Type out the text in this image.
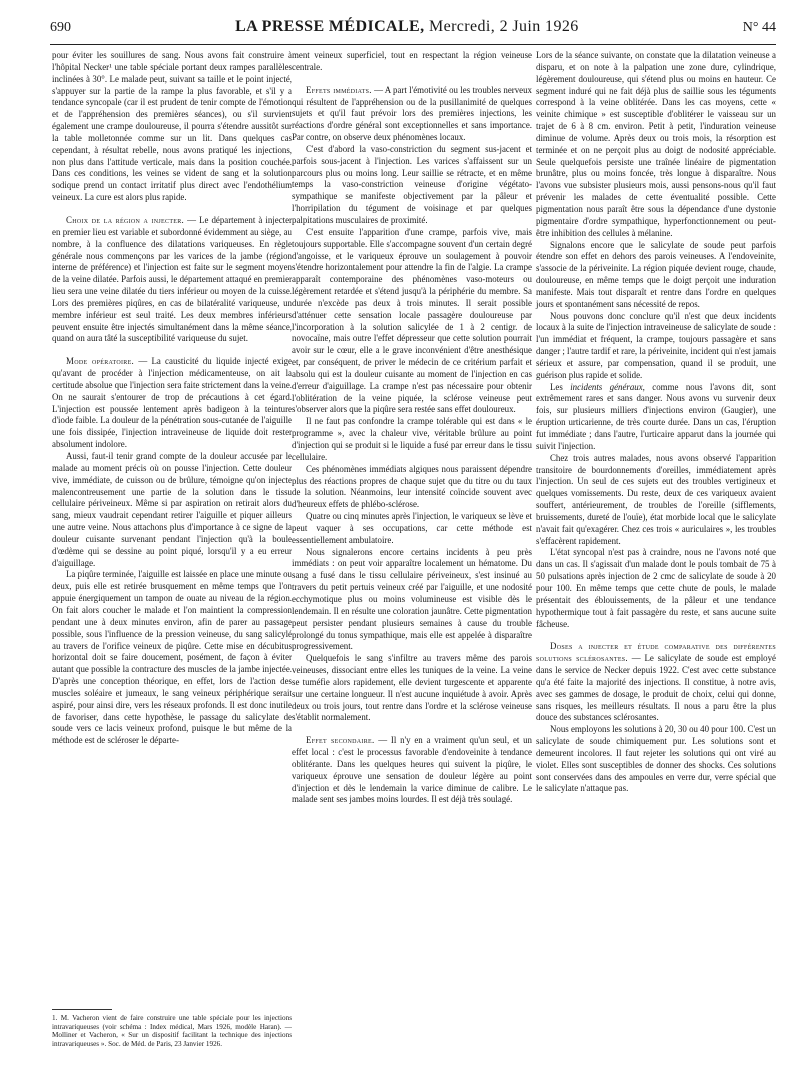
690	LA PRESSE MÉDICALE, Mercredi, 2 Juin 1926	N° 44

pour éviter les souillures de sang. Nous avons fait construire à l'hôpital Necker¹ une table spéciale portant deux rampes parallèles inclinées à 30°. Le malade peut, suivant sa taille et le point injecté, s'appuyer sur la partie de la rampe la plus favorable, et s'il y a tendance syncopale (car il est prudent de tenir compte de l'émotion et de l'appréhension des premières séances), ou s'il survient également une crampe douloureuse, il pourra s'étendre aussitôt sur la table molletonnée comme sur un lit. Dans quelques cas cependant, à résultat rebelle, nous avons pratiqué les injections, non plus dans l'attitude verticale, mais dans la position couchée. Dans ces conditions, les veines se vident de sang et la solution sodique prend un contact irritatif plus direct avec l'endothélium veineux. La cure est alors plus rapide.

Choix de la région a injecter. — Le département à injecter en premier lieu est variable et subordonné évidemment au siège, au nombre, à la confluence des dilatations variqueuses. En règle générale nous commençons par les varices de la jambe (région interne de préférence) et l'injection est faite sur le segment moyen de la veine dilatée. Parfois aussi, le département attaqué en premier lieu sera une veine dilatée du tiers inférieur ou moyen de la cuisse. Lors des premières piqûres, en cas de bilatéralité variqueuse, un membre inférieur est seul traité. Les deux membres inférieurs peuvent ensuite être injectés simultanément dans la même séance, quand on aura tâté la susceptibilité variqueuse du sujet.

Mode opératoire. — La causticité du liquide injecté exige qu'avant de procéder à l'injection médicamenteuse, on ait la certitude absolue que l'injection sera faite strictement dans la veine. On ne saurait s'entourer de trop de précautions à cet égard. L'injection est poussée lentement après badigeon à la teinture d'iode faible. La douleur de la pénétration sous-cutanée de l'aiguille une fois dissipée, l'injection intraveineuse de liquide doit rester absolument indolore.

Aussi, faut-il tenir grand compte de la douleur accusée par le malade au moment précis où on pousse l'injection. Cette douleur vive, immédiate, de cuisson ou de brûlure, témoigne qu'on injecte malencontreusement une partie de la solution dans le tissu cellulaire périveineux. Même si par aspiration on retirait alors du sang, mieux vaudrait cependant retirer l'aiguille et piquer ailleurs une autre veine. Nous attachons plus d'importance à ce signe de la douleur cuisante survenant pendant l'injection qu'à la boule d'œdème qui se dessine au point piqué, lorsqu'il y a eu erreur d'aiguillage.

La piqûre terminée, l'aiguille est laissée en place une minute ou deux, puis elle est retirée brusquement en même temps que l'on appuie énergiquement un tampon de ouate au niveau de la région. On fait alors coucher le malade et l'on maintient la compression pendant une à deux minutes environ, afin de parer au passage possible, sous l'influence de la pression veineuse, du sang salicylé au travers de l'orifice veineux de piqûre. Cette mise en décubitus horizontal doit se faire doucement, posément, de façon à éviter autant que possible la contracture des muscles de la jambe injectée. D'après une conception théorique, en effet, lors de l'action des muscles soléaire et jumeaux, le sang veineux périphérique serait aspiré, pour ainsi dire, vers les réseaux profonds. Il est donc inutile de favoriser, dans cette hypothèse, le passage du salicylate de soude vers ce lacis veineux profond, puisque le but même de la méthode est de scléroser le départe-

ment veineux superficiel, tout en respectant la région veineuse centrale.

Effets immédiats. — A part l'émotivité ou les troubles nerveux qui résultent de l'appréhension ou de la pusillanimité de quelques sujets et qu'il faut prévoir lors des premières injections, les réactions d'ordre général sont exceptionnelles et sans importance. Par contre, on observe deux phénomènes locaux.

C'est d'abord la vaso-constriction du segment sus-jacent et parfois sous-jacent à l'injection. Les varices s'affaissent sur un parcours plus ou moins long. Leur saillie se rétracte, et en même temps la vaso-constriction veineuse d'origine végétato-sympathique se manifeste objectivement par la pâleur et l'horripilation du tégument de voisinage et par quelques palpitations musculaires de proximité.

C'est ensuite l'apparition d'une crampe, parfois vive, mais toujours supportable. Elle s'accompagne souvent d'un certain degré d'angoisse, et le variqueux éprouve un soulagement à pouvoir s'étendre horizontalement pour attendre la fin de l'algie. La crampe apparaît contemporaine des phénomènes vaso-moteurs ou légèrement retardée et s'étend jusqu'à la périphérie du membre. Sa durée n'excède pas deux à trois minutes. Il serait possible d'atténuer cette sensation locale passagère douloureuse par l'incorporation à la solution salicylée de 1 à 2 centigr. de novocaïne, mais outre l'effet dépresseur que cette solution pourrait avoir sur le cœur, elle a le grave inconvénient d'être anesthésique et, par conséquent, de priver le médecin de ce critérium parfait et absolu qui est la douleur cuisante au moment de l'injection en cas d'erreur d'aiguillage. La crampe n'est pas nécessaire pour obtenir l'oblitération de la veine piquée, la sclérose veineuse peut s'observer alors que la piqûre sera restée sans effet douloureux.

Il ne faut pas confondre la crampe tolérable qui est dans « le programme », avec la chaleur vive, véritable brûlure au point d'injection qui se produit si le liquide a fusé par erreur dans le tissu cellulaire.

Ces phénomènes immédiats algiques nous paraissent dépendre plus des réactions propres de chaque sujet que du titre ou du taux de la solution. Néanmoins, leur intensité coïncide souvent avec d'heureux effets de phlébo-sclérose.

Quatre ou cinq minutes après l'injection, le variqueux se lève et peut vaquer à ses occupations, car cette méthode est essentiellement ambulatoire.

Nous signalerons encore certains incidents à peu près immédiats : on peut voir apparaître localement un hématome. Du sang a fusé dans le tissu cellulaire périveineux, s'est insinué au travers du petit pertuis veineux créé par l'aiguille, et une nodosité ecchymotique plus ou moins volumineuse est visible dès le lendemain. Il en résulte une coloration jaunâtre. Cette pigmentation peut persister pendant plusieurs semaines à cause du trouble prolongé du tonus sympathique, mais elle est appelée à disparaître progressivement.

Quelquefois le sang s'infiltre au travers même des parois veineuses, dissociant entre elles les tuniques de la veine. La veine se tuméfie alors rapidement, elle devient turgescente et apparente sur une certaine longueur. Il n'est aucune inquiétude à avoir. Après deux ou trois jours, tout rentre dans l'ordre et la sclérose veineuse s'établit normalement.

Effet secondaire. — Il n'y en a vraiment qu'un seul, et un effet local : c'est le processus favorable d'endoveinite à tendance oblitérante. Dans les quelques heures qui suivent la piqûre, le variqueux éprouve une sensation de douleur légère au point d'injection et dès le lendemain la varice diminue de calibre. Le malade sent ses jambes moins lourdes. Il est déjà très soulagé.

Lors de la séance suivante, on constate que la dilatation veineuse a disparu, et on note à la palpation une zone dure, cylindrique, légèrement douloureuse, qui s'étend plus ou moins en hauteur. Ce segment induré qui ne fait déjà plus de saillie sous les téguments correspond à la veine oblitérée. Dans les cas moyens, cette « veinite chimique » est susceptible d'oblitérer le vaisseau sur un trajet de 6 à 8 cm. environ. Petit à petit, l'induration veineuse diminue de volume. Après deux ou trois mois, la résorption est terminée et on ne perçoit plus au doigt de nodosité appréciable. Seule quelquefois persiste une traînée linéaire de pigmentation brunâtre, plus ou moins foncée, très longue à disparaître. Nous l'avons vue subsister plusieurs mois, aussi pensons-nous qu'il faut prévenir les malades de cette éventualité possible. Cette pigmentation nous paraît être sous la dépendance d'une dystonie pigmentaire d'ordre sympathique, hyperfonctionnement ou peut-être inhibition des cellules à mélanine.

Signalons encore que le salicylate de soude peut parfois étendre son effet en dehors des parois veineuses. A l'endoveinite, s'associe de la périveinite. La région piquée devient rouge, chaude, douloureuse, en même temps que le doigt perçoit une induration manifeste. Mais tout disparaît et rentre dans l'ordre en quelques jours et spontanément sans nécessité de repos.

Nous pouvons donc conclure qu'il n'est que deux incidents locaux à la suite de l'injection intraveineuse de salicylate de soude : l'un immédiat et fréquent, la crampe, toujours passagère et sans danger ; l'autre tardif et rare, la périveinite, incident qui n'est jamais sérieux et assure, par compensation, quand il se produit, une guérison plus rapide et solide.

Les incidents généraux, comme nous l'avons dit, sont extrêmement rares et sans danger. Nous avons vu survenir deux fois, sur plusieurs milliers d'injections environ (Gaugier), une éruption urticarienne, de très courte durée. Dans un cas, l'éruption fut immédiate ; dans l'autre, l'urticaire apparut dans la journée qui suivit l'injection.

Chez trois autres malades, nous avons observé l'apparition transitoire de bourdonnements d'oreilles, immédiatement après l'injection. Un seul de ces sujets eut des troubles vertigineux et quelques vomissements. Du reste, deux de ces variqueux avaient souffert, antérieurement, de troubles de l'oreille (sifflements, bruissements, dureté de l'ouïe), état morbide local que le salicylate n'avait fait qu'exagérer. Chez ces trois « auriculaires », les troubles s'effacèrent rapidement.

L'état syncopal n'est pas à craindre, nous ne l'avons noté que dans un cas. Il s'agissait d'un malade dont le pouls tombait de 75 à 50 pulsations après injection de 2 cmc de salicylate de soude à 20 pour 100. En même temps que cette chute de pouls, le malade présentait des éblouissements, de la pâleur et une tendance hypothermique tout à fait passagère du reste, et sans aucune suite fâcheuse.

Doses a injecter et étude comparative des différentes solutions sclérosantes. — Le salicylate de soude est employé dans le service de Necker depuis 1922. C'est avec cette substance qu'a été faite la majorité des injections. Il constitue, à notre avis, avec ses gammes de dosage, le produit de choix, celui qui donne, sans risques, les meilleurs résultats. Il nous a paru être la plus douce des substances sclérosantes.

Nous employons les solutions à 20, 30 ou 40 pour 100. C'est un salicylate de soude chimiquement pur. Les solutions sont et demeurent incolores. Il faut rejeter les solutions qui ont viré au violet. Elles sont susceptibles de donner des shocks. Ces solutions sont conservées dans des ampoules en verre dur, verre spécial que le salicylate n'attaque pas.

1. M. Vacheron vient de faire construire une table spéciale pour les injections intravariqueuses (voir schéma : Index médical, Mars 1926, modèle Haran). — Molliner et Vacheron, « Sur un dispositif facilitant la technique des injections intravariqueuses ». Soc. de Méd. de Paris, 23 Janvier 1926.
